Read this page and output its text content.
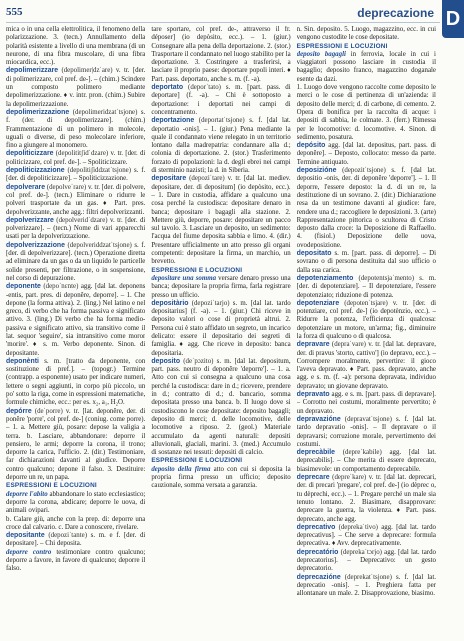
555	deprecazione D

mica o in una cella elettrolitica, il fenomeno della polarizzazione. 3. (tecn.) Annullamento della polarità esistente a livello di una membrana (di un neurone, di una fibra muscolare, di una fibra miocardica, ecc.).

depolimerizzare (depolimer|dzˈare) v. tr. [der. di polimerizzare, col pref. de-]. – (chim.) Scindere un composto polimero mediante depolimerizzazione. ♦ v. intr. pron. (chim.) Subire la depolimerizzazione.

depolimerizzazione (depolimeridzatˈtsjone) s. f. (der. di depolimerizzare]. (chim.) Frammentazione di un polimero in molecole, uguali o diverse, di peso molecolare inferiore, fino a giungere al monomero.

depoliticizzare (depolititʃidˈdzare) v. tr. [der. di politicizzare, col pref. de-]. – Spoliticizzare.

depoliticizzazione (depolitiʃiddzatˈtsjone) s. f. [der. di depoliticizzare]. – Spoliticizzazione.

depolverare (depolveˈrare) v. tr. [der. di polvere, col pref. de-]. (tecn.) Eliminare o ridurre le polveri trasportate da un gas. ♦ Part. pres. depolverizzante, anche agg.: filtri depolverizzanti.

depolverizzare (depolveridˈdzare) v. tr. [der. di polverizzare]. – (tecn.) Nome di vari apparecchi usati per la depolverizzazione.

depolverizzazione (depolveriddzatˈtsjone) s. f. [der. di depolverizzare]. (tecn.) Operazione diretta ad eliminare da un gas o da un liquido le particelle solide presenti, per filtrazione, o in sospensione, nel corso di depurazione.

deponente (depoˈnɛnte) agg. [dal lat. deponens -entis, part. pres. di deponĕre, deporre]. – 1. Che depone (la forma attiva). 2. (ling.) Nel latino e nel greco, di verbo che ha forma passiva e significato attivo. 3. (ling.) Di verbo che ha forma medio-passiva e significato attivo, sia transitivo come il lat. sequor 'seguire', sia intransitivo come moror 'morire'. ♦ s. m. Verbo deponente. Sinon. di depositante.

deponènti s. m. [tratto da deponente, con sostituzione di pref.]. – (topogr.) Termine (contrapp. a esponente) usato per indicare numeri, lettere o segni aggiunti, in corpo più piccolo, un po' sotto la riga, come in espressioni matematiche, formule chimiche, ecc.: per es. x₂, a₁, H₂O.

depórre (deˈporre) v. tr. [lat. deponĕre, der. di ponĕre 'porre', col pref. de-] (coniug. come porre). – 1. a. Mettere giù, posare: depose la valigia a terra. b. Lasciare, abbandonare: deporre il pensiero, le armi; deporre la corona, il trono; deporre la carica, l'ufficio. 2. (dir.) Testimoniare, far dichiarazioni davanti al giudice. Deporre contro qualcuno; depone il falso. 3. Destituire: deporre un re, un papa.

ESPRESSIONI E LOCUZIONI

deporre l'abito abbandonare lo stato ecclesiastico; deporre la corona, abdicare; deporre le uova, di animali ovipari.

b. Calare giù, anche con la prep. di: deporre una croce dal calvario. c. Dare a conoscere, rivelare.

depositante (depoziˈtante) s. m. e f. [der. di depositare]. – Chi deposita.

deporre contro testimoniare contro qualcuno; deporre a favore, in favore di qualcuno; deporre il falso.

tare sportare, col pref. de-, attraverso il fr. déposer] (io depòsito, ecc.). – 1. (giur.) Consegnare alla pena della deportazione. 2. (stor.) Trasportare il condannato nel luogo stabilito per la deportazione. 3. Costringere a trasferirsi, a lasciare il proprio paese: deportare popoli interi. ♦ Part. pass. deportato, anche s. m. (f. -a).

deportato (deporˈtato) s. m. [part. pass. di deportare] (f. -a). – Chi è sottoposto a deportazione: i deportati nei campi di concentramento.

deportazione (deportatˈtsjone) s. f. [dal lat. deportatio -onis]. – 1. (giur.) Pena mediante la quale il condannato viene relegato in un territorio lontano dalla madrepatria: condannare alla d.; colonia di deportazione. 2. (stor.) Trasferimento forzato di popolazioni: la d. degli ebrei nei campi di sterminio nazisti; la d. in Siberia.

depositare (depoziˈtare) v. tr. [dal lat. mediev. depositare, der. di depositum] (io depòsito, ecc.). – 1. Dare in custodia, affidare a qualcuno una cosa perché la custodisca: depositare denaro in banca; depositare i bagagli alla stazione. 2. Mettere giù, deporre, posare: depositare un pacco sul tavolo. 3. Lasciare un deposito, un sedimento: l'acqua del fiume deposita sabbia e limo. 4. (dir.) Presentare ufficialmente un atto presso gli organi competenti: depositare la firma, un marchio, un brevetto.

ESPRESSIONI E LOCUZIONI

depositare una somma versare denaro presso una banca; depositare la propria firma, farla registrare presso un ufficio.

depositàrio (depoziˈtarjo) s. m. [dal lat. tardo depositarius] (f. -a). – 1. (giur.) Chi riceve in deposito valori o cose di proprietà altrui. 2. Persona cui è stato affidato un segreto, un incarico delicato: essere il depositario dei segreti di famiglia. ♦ agg. Che riceve in deposito: banca depositaria.

deposito (deˈpɔzito) s. m. [dal lat. depositum, part. pass. neutro di deponĕre 'deporre']. – 1. a. Atto con cui si consegna a qualcuno una cosa perché la custodisca: dare in d.; ricevere, prendere in d.; contratto di d.; d. bancario, somma depositata presso una banca. b. Il luogo dove si custodiscono le cose depositate: deposito bagagli; deposito di merci; d. delle locomotive, delle locomotive a riposo. 2. (geol.) Materiale accumulato da agenti naturali: depositi alluvionali, glaciali, marini. 3. (med.) Accumulo di sostanze nei tessuti: depositi di calcio.

ESPRESSIONI E LOCUZIONI

deposito della firma atto con cui si deposita la propria firma presso un ufficio; deposito cauzionale, somma versata a garanzia.

n. Sin. deposito. 5. Luogo, magazzino, ecc. in cui vengono custodite le cose depositate.

ESPRESSIONI E LOCUZIONI

deposito bagagli in ferrovia, locale in cui i viaggiatori possono lasciare in custodia il bagaglio; deposito franco, magazzino doganale esente da dazi.

1. Luogo dove vengono raccolte come deposito le merci o le cose di pertinenza di un'azienda: il deposito delle merci; d. di carbone, di cemento. 2. Opera di bonifica per la raccolta di acque: i depositi di sabbia, le colmate. 3. (ferr.) Rimessa per le locomotive: d. locomotive. 4. Sinon. di sedimento, posatura.

depósito agg. [dal lat. depositus, part. pass. di deponĕre]. – Deposto, collocato: messo da parte. Termine antiquato.

deposizióne (depozitˈtsjone) s. f. [dal lat. depositio -onis, der. di deponĕre 'deporre']. – 1. Il deporre, l'essere deposto: la d. di un re, la destituzione di un sovrano. 2. (dir.) Dichiarazione resa da un testimone davanti al giudice: fare, rendere una d.; raccogliere le deposizioni. 3. (arte) Rappresentazione pittorica o scultorea di Cristo deposto dalla croce: la Deposizione di Raffaello. 4. (fisiol.) Deposizione delle uova, ovodeposizione.

depositato s. m. [part. pass. di deporre]. – Di sovrano o di persona destituita dal suo ufficio o dalla sua carica.

depotenziamento (depotentsjaˈmento) s. m. [der. di depotenziare]. – Il depotenziare, l'essere depotenziato; riduzione di potenza.

depotenziare (depotenˈtsjare) v. tr. [der. di potenziare, col pref. de-] (io depotènzio, ecc.). – Ridurre la potenza, l'efficienza di qualcosa: depotenziare un motore, un'arma; fig., diminuire la forza di qualcuno o di qualcosa.

depravare (depraˈvare) v. tr. [dal lat. depravare, der. di pravus 'storto, cattivo'] (io depravo, ecc.). – Corrompere moralmente, pervertire: il gioco l'aveva depravato. ♦ Part. pass. depravato, anche agg. e s. m. (f. -a): persona depravata, individuo depravato; un giovane depravato.

depravato agg. e s. m. [part. pass. di depravare]. – Corrotto nei costumi, moralmente pervertito; è un depravato.

depravazióne (depravatˈtsjone) s. f. [dal lat. tardo depravatio -onis]. – Il depravare o il depravarsi; corruzione morale, pervertimento dei costumi.

deprecàbile (depreˈkabile) agg. [dal lat. deprecabilis]. – Che merita di essere deprecato, biasimevole: un comportamento deprecabile.

deprecare (depreˈkare) v. tr. [dal lat. deprecari, der. di precari 'pregare', col pref. de-] (io dèprec o, tu dèprechi, ecc.). – 1. Pregare perché un male sia tenuto lontano. 2. Biasimare, disapprovare: deprecare la guerra, la violenza. ♦ Part. pass. deprecato, anche agg.

deprecativo (deprekaˈtivo) agg. [dal lat. tardo deprecativus]. – Che serve a deprecare: formula deprecativa. ♦ Avv. deprecativamente.

deprecatório (deprekaˈtɔrjo) agg. [dal lat. tardo deprecatorius]. – Deprecativo: un gesto deprecatorio.

deprecazióne (deprekatˈtsjone) s. f. [dal lat. deprecatio -onis]. – 1. Preghiera fatta per allontanare un male. 2. Disapprovazione, biasimo.
